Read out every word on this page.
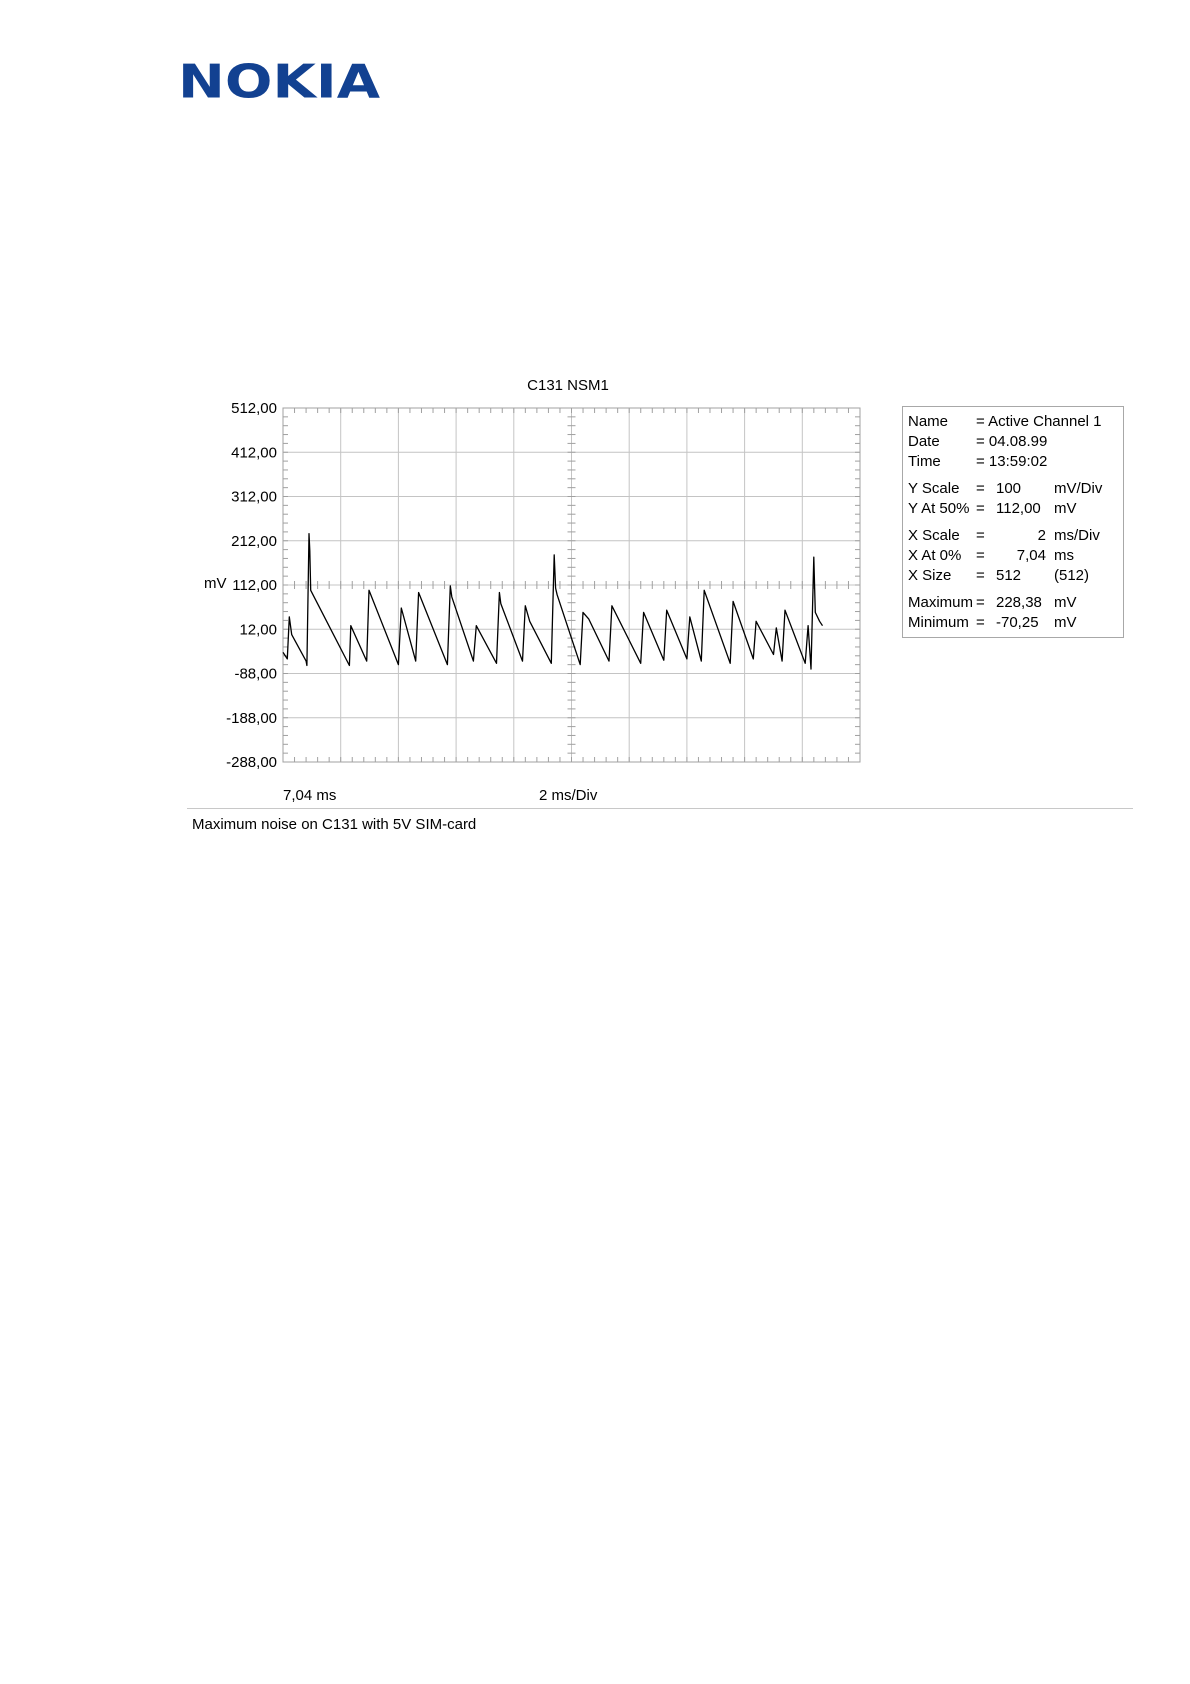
NOKIA
C131 NSM1
512,00
412,00
312,00
212,00
112,00
12,00
-88,00
-188,00
-288,00
mV
7,04 ms	2 ms/Div
Name = Active Channel 1
Date = 04.08.99
Time = 13:59:02
Y Scale = 100	mV/Div
Y At 50% = 112,00 mV
X Scale =	2 ms/Div
X At 0% =	7,04 ms
X Size = 512	(512)
Maximum = 228,38 mV
Minimum = -70,25	mV
Maximum noise on C131 with 5V SIM-card
